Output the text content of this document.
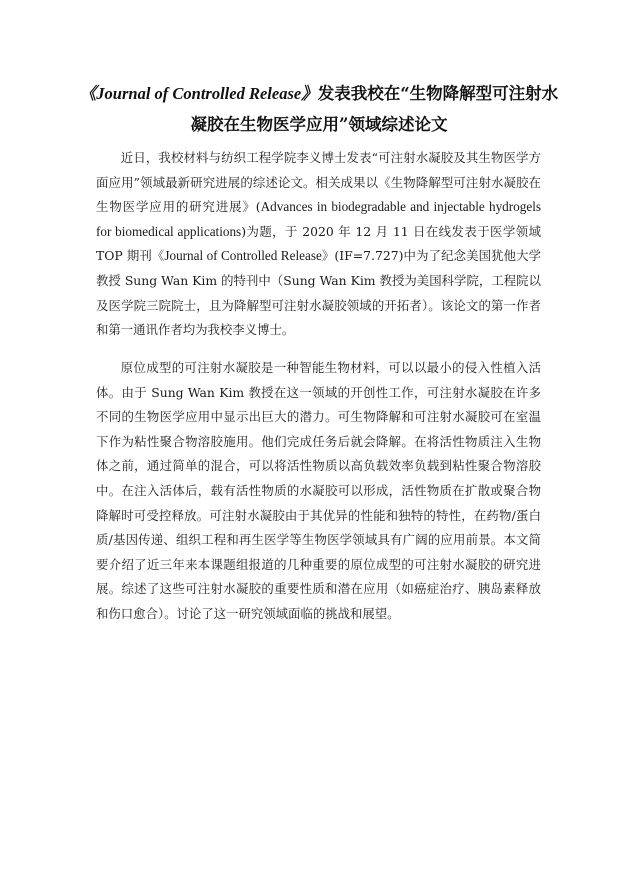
《Journal of Controlled Release》发表我校在“生物降解型可注射水凝胶在生物医学应用”领域综述论文

近日，我校材料与纺织工程学院李义博士发表“可注射水凝胶及其生物医学方面应用”领域最新研究进展的综述论文。相关成果以《生物降解型可注射水凝胶在生物医学应用的研究进展》(Advances in biodegradable and injectable hydrogels for biomedical applications)为题，于 2020 年 12 月 11 日在线发表于医学领域 TOP 期刊《Journal of Controlled Release》(IF=7.727)中为了纪念美国犹他大学教授 Sung Wan Kim 的特刊中（Sung Wan Kim 教授为美国科学院，工程院以及医学院三院院士，且为降解型可注射水凝胶领域的开拓者）。该论文的第一作者和第一通讯作者均为我校李义博士。

原位成型的可注射水凝胶是一种智能生物材料，可以以最小的侵入性植入活体。由于 Sung Wan Kim 教授在这一领域的开创性工作，可注射水凝胶在许多不同的生物医学应用中显示出巨大的潜力。可生物降解和可注射水凝胶可在室温下作为粘性聚合物溶胶施用。他们完成任务后就会降解。在将活性物质注入生物体之前，通过简单的混合，可以将活性物质以高负载效率负载到粘性聚合物溶胶中。在注入活体后，载有活性物质的水凝胶可以形成，活性物质在扩散或聚合物降解时可受控释放。可注射水凝胶由于其优异的性能和独特的特性，在药物/蛋白质/基因传递、组织工程和再生医学等生物医学领域具有广阔的应用前景。本文简要介绍了近三年来本课题组报道的几种重要的原位成型的可注射水凝胶的研究进展。综述了这些可注射水凝胶的重要性质和潜在应用（如癌症治疗、胰岛素释放和伤口愈合）。讨论了这一研究领域面临的挑战和展望。
